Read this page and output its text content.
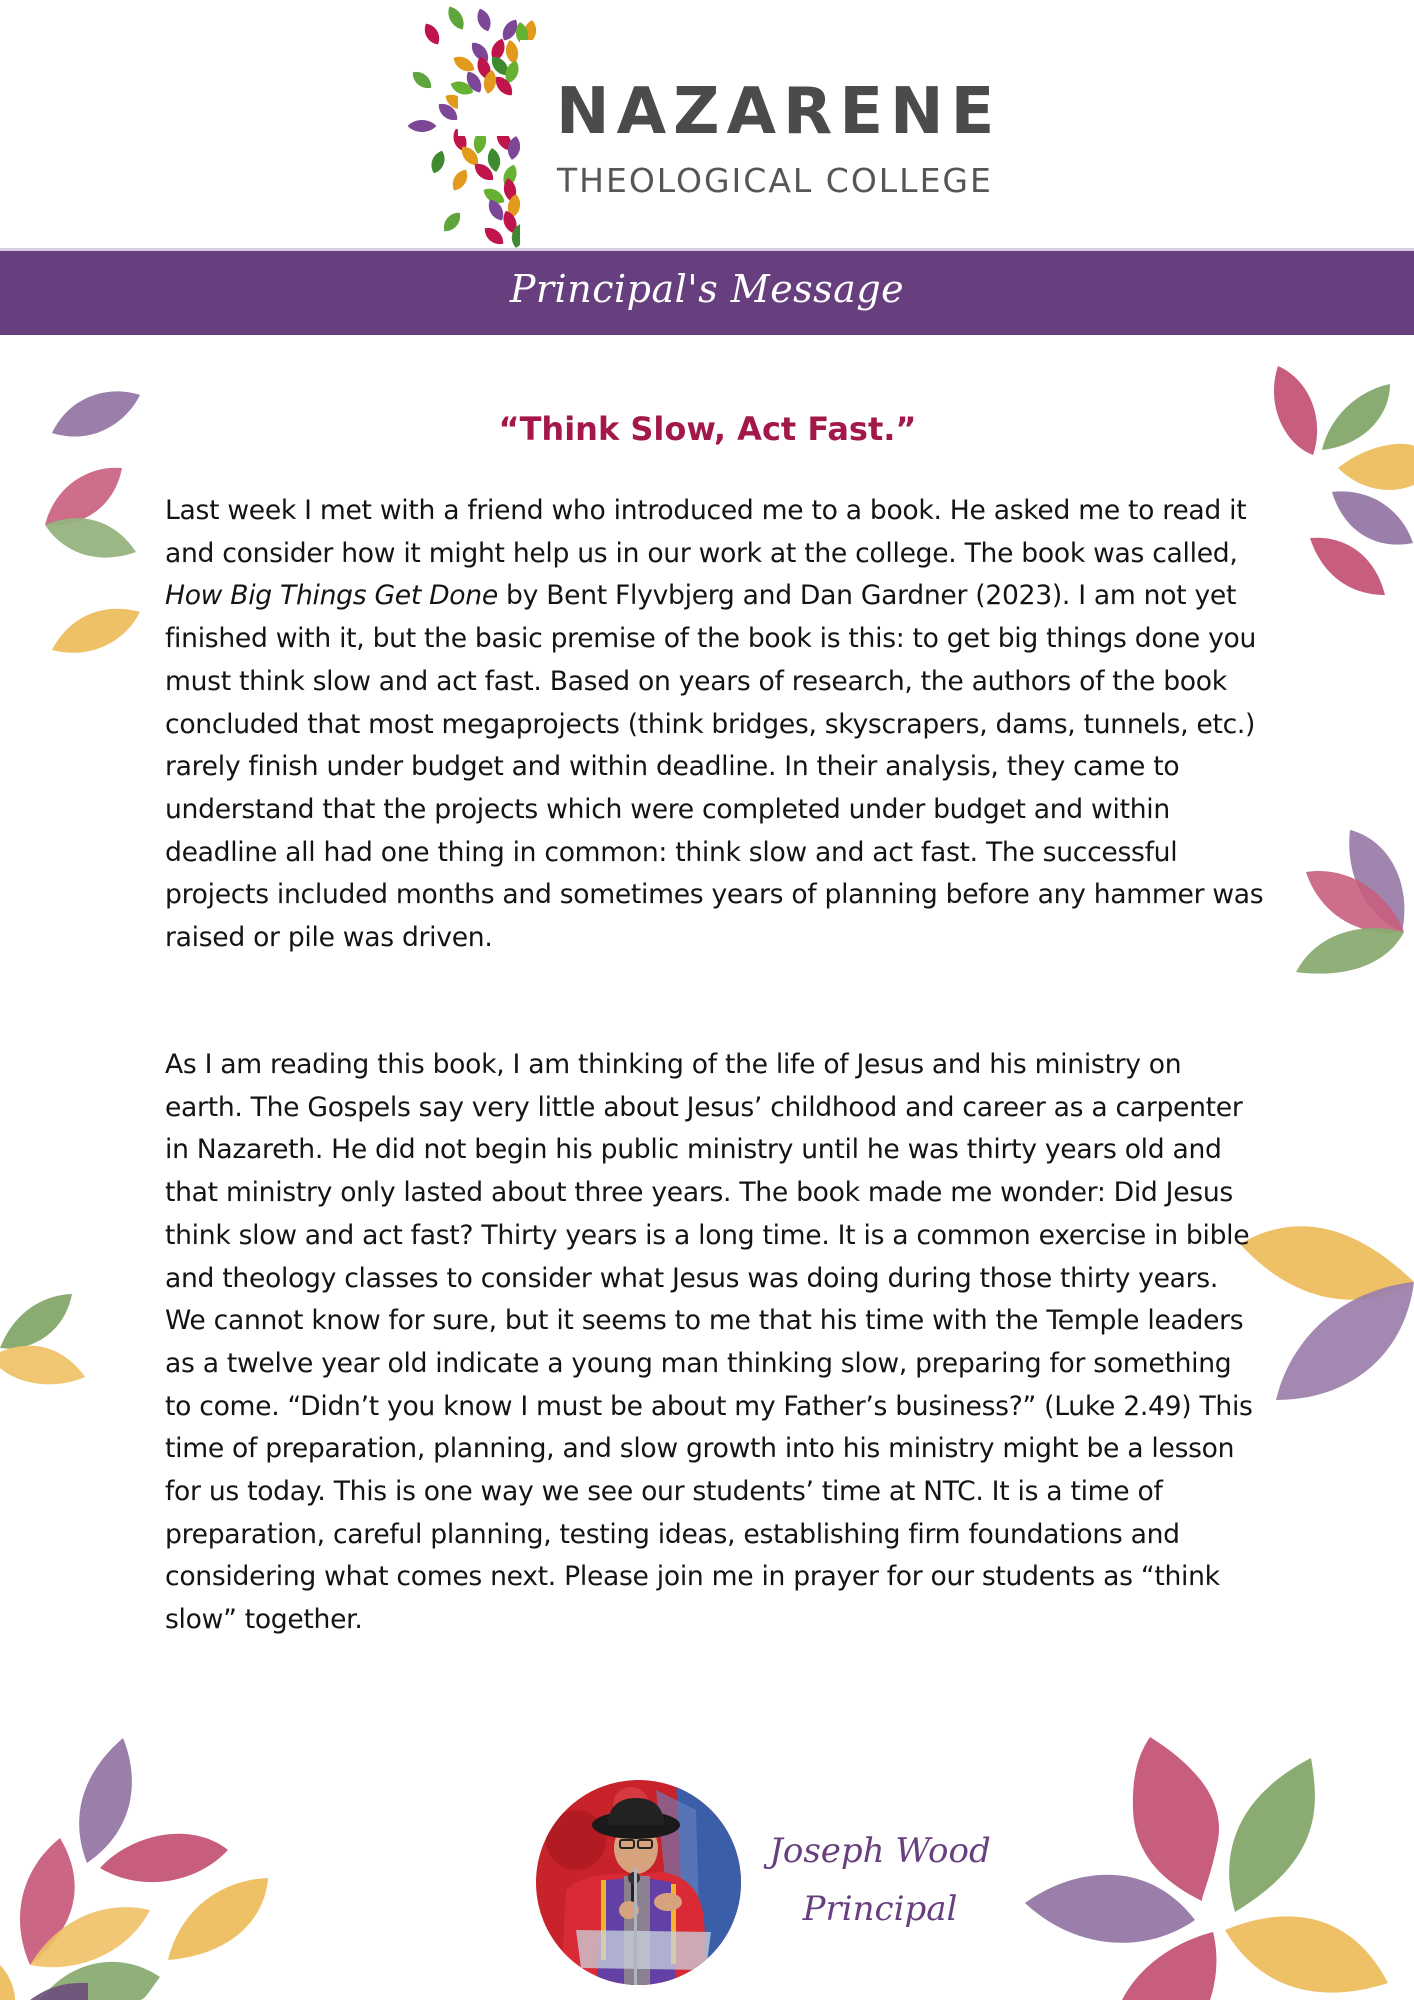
NAZARENE
THEOLOGICAL COLLEGE
Principal's Message
“Think Slow, Act Fast.”

Last week I met with a friend who introduced me to a book. He asked me to read it and consider how it might help us in our work at the college. The book was called, How Big Things Get Done by Bent Flyvbjerg and Dan Gardner (2023). I am not yet finished with it, but the basic premise of the book is this: to get big things done you must think slow and act fast. Based on years of research, the authors of the book concluded that most megaprojects (think bridges, skyscrapers, dams, tunnels, etc.) rarely finish under budget and within deadline. In their analysis, they came to understand that the projects which were completed under budget and within deadline all had one thing in common: think slow and act fast. The successful projects included months and sometimes years of planning before any hammer was raised or pile was driven.

As I am reading this book, I am thinking of the life of Jesus and his ministry on earth. The Gospels say very little about Jesus’ childhood and career as a carpenter in Nazareth. He did not begin his public ministry until he was thirty years old and that ministry only lasted about three years. The book made me wonder: Did Jesus think slow and act fast? Thirty years is a long time. It is a common exercise in bible and theology classes to consider what Jesus was doing during those thirty years. We cannot know for sure, but it seems to me that his time with the Temple leaders as a twelve year old indicate a young man thinking slow, preparing for something to come. “Didn’t you know I must be about my Father’s business?” (Luke 2.49) This time of preparation, planning, and slow growth into his ministry might be a lesson for us today. This is one way we see our students’ time at NTC. It is a time of preparation, careful planning, testing ideas, establishing firm foundations and considering what comes next. Please join me in prayer for our students as “think slow” together.

Joseph Wood
Principal
